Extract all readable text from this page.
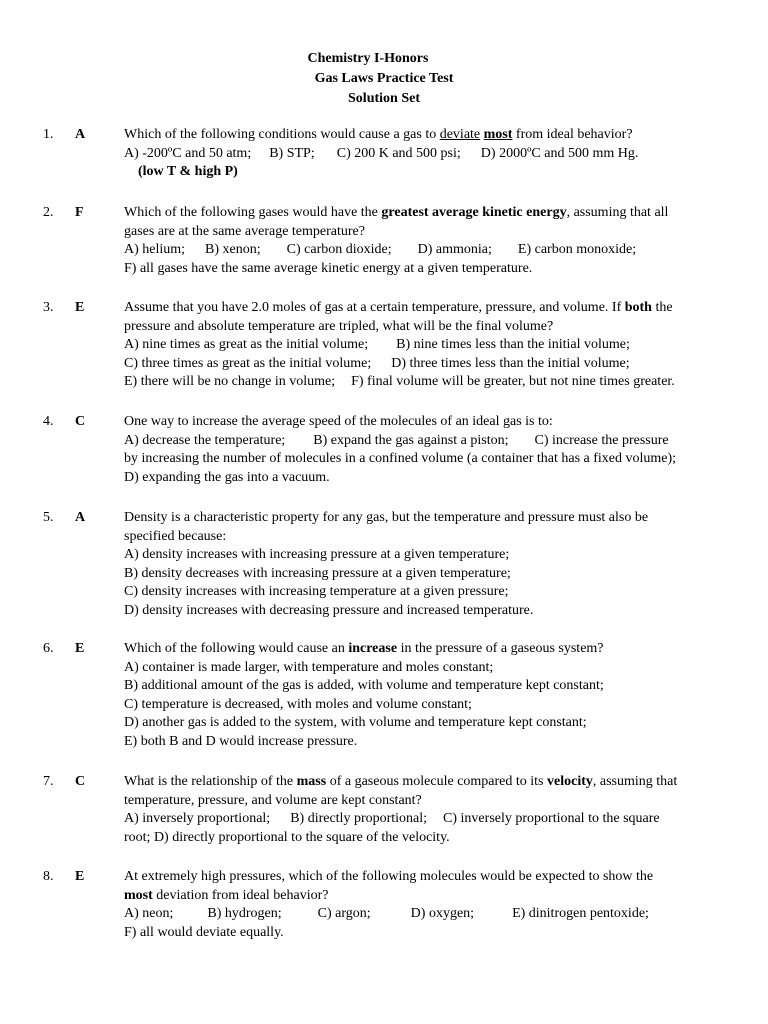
Chemistry I-Honors
Gas Laws Practice Test
Solution Set
1. A	Which of the following conditions would cause a gas to deviate most from ideal behavior?
A) -200ºC and 50 atm; B) STP; C) 200 K and 500 psi; D) 2000ºC and 500 mm Hg.
(low T & high P)
2. F	Which of the following gases would have the greatest average kinetic energy, assuming that all
gases are at the same average temperature?
A) helium; B) xenon; C) carbon dioxide; D) ammonia; E) carbon monoxide;
F) all gases have the same average kinetic energy at a given temperature.
3. E	Assume that you have 2.0 moles of gas at a certain temperature, pressure, and volume. If both the
pressure and absolute temperature are tripled, what will be the final volume?
A) nine times as great as the initial volume; B) nine times less than the initial volume;
C) three times as great as the initial volume; D) three times less than the initial volume;
E) there will be no change in volume; F) final volume will be greater, but not nine times greater.
4. C	One way to increase the average speed of the molecules of an ideal gas is to:
A) decrease the temperature; B) expand the gas against a piston; C) increase the pressure
by increasing the number of molecules in a confined volume (a container that has a fixed volume);
D) expanding the gas into a vacuum.
5. A	Density is a characteristic property for any gas, but the temperature and pressure must also be
specified because:
A) density increases with increasing pressure at a given temperature;
B) density decreases with increasing pressure at a given temperature;
C) density increases with increasing temperature at a given pressure;
D) density increases with decreasing pressure and increased temperature.
6. E	Which of the following would cause an increase in the pressure of a gaseous system?
A) container is made larger, with temperature and moles constant;
B) additional amount of the gas is added, with volume and temperature kept constant;
C) temperature is decreased, with moles and volume constant;
D) another gas is added to the system, with volume and temperature kept constant;
E) both B and D would increase pressure.
7. C	What is the relationship of the mass of a gaseous molecule compared to its velocity, assuming that
temperature, pressure, and volume are kept constant?
A) inversely proportional; B) directly proportional; C) inversely proportional to the square
root; D) directly proportional to the square of the velocity.
8. E	At extremely high pressures, which of the following molecules would be expected to show the
most deviation from ideal behavior?
A) neon; B) hydrogen;	C) argon;	D) oxygen;	E) dinitrogen pentoxide;
F) all would deviate equally.
